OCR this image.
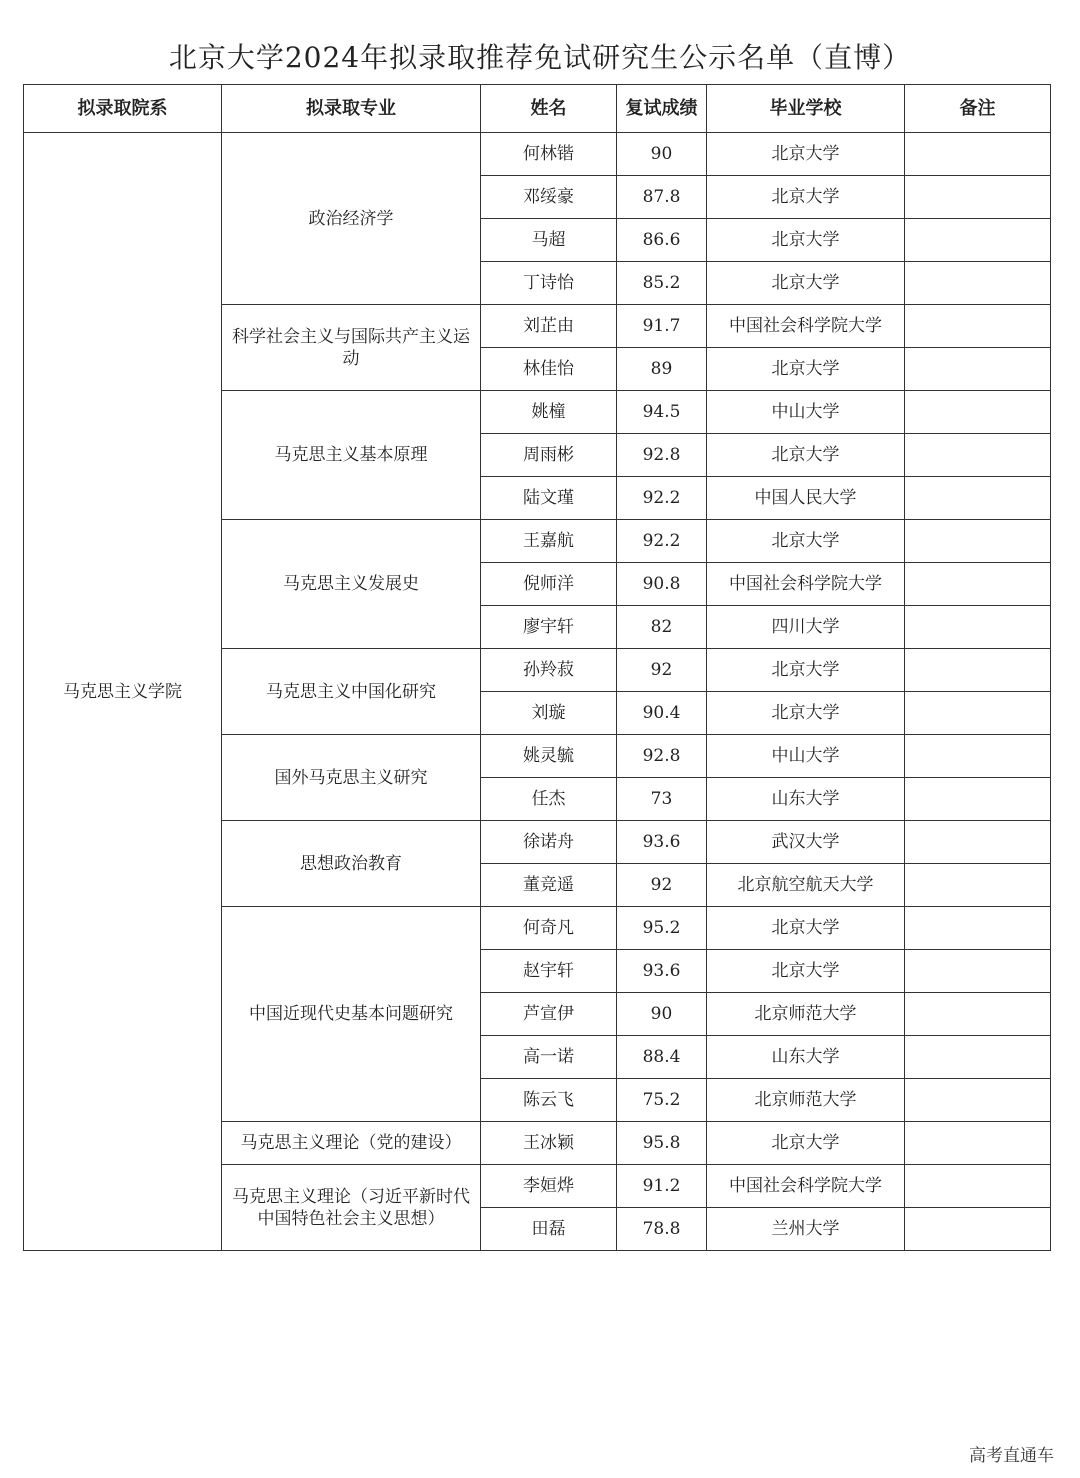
北京大学2024年拟录取推荐免试研究生公示名单（直博）
拟录取院系	拟录取专业	姓名	复试成绩	毕业学校	备注
马克思主义学院	政治经济学	何林锴	90	北京大学	
		邓绥豪	87.8	北京大学	
		马超	86.6	北京大学	
		丁诗怡	85.2	北京大学	
	科学社会主义与国际共产主义运动	刘芷由	91.7	中国社会科学院大学	
		林佳怡	89	北京大学	
	马克思主义基本原理	姚橦	94.5	中山大学	
		周雨彬	92.8	北京大学	
		陆文瑾	92.2	中国人民大学	
	马克思主义发展史	王嘉航	92.2	北京大学	
		倪师洋	90.8	中国社会科学院大学	
		廖宇轩	82	四川大学	
	马克思主义中国化研究	孙羚菽	92	北京大学	
		刘璇	90.4	北京大学	
	国外马克思主义研究	姚灵毓	92.8	中山大学	
		任杰	73	山东大学	
	思想政治教育	徐诺舟	93.6	武汉大学	
		董竞遥	92	北京航空航天大学	
	中国近现代史基本问题研究	何奇凡	95.2	北京大学	
		赵宇轩	93.6	北京大学	
		芦宣伊	90	北京师范大学	
		高一诺	88.4	山东大学	
		陈云飞	75.2	北京师范大学	
	马克思主义理论（党的建设）	王冰颖	95.8	北京大学	
	马克思主义理论（习近平新时代中国特色社会主义思想）	李姮烨	91.2	中国社会科学院大学	
		田磊	78.8	兰州大学	
高考直通车
